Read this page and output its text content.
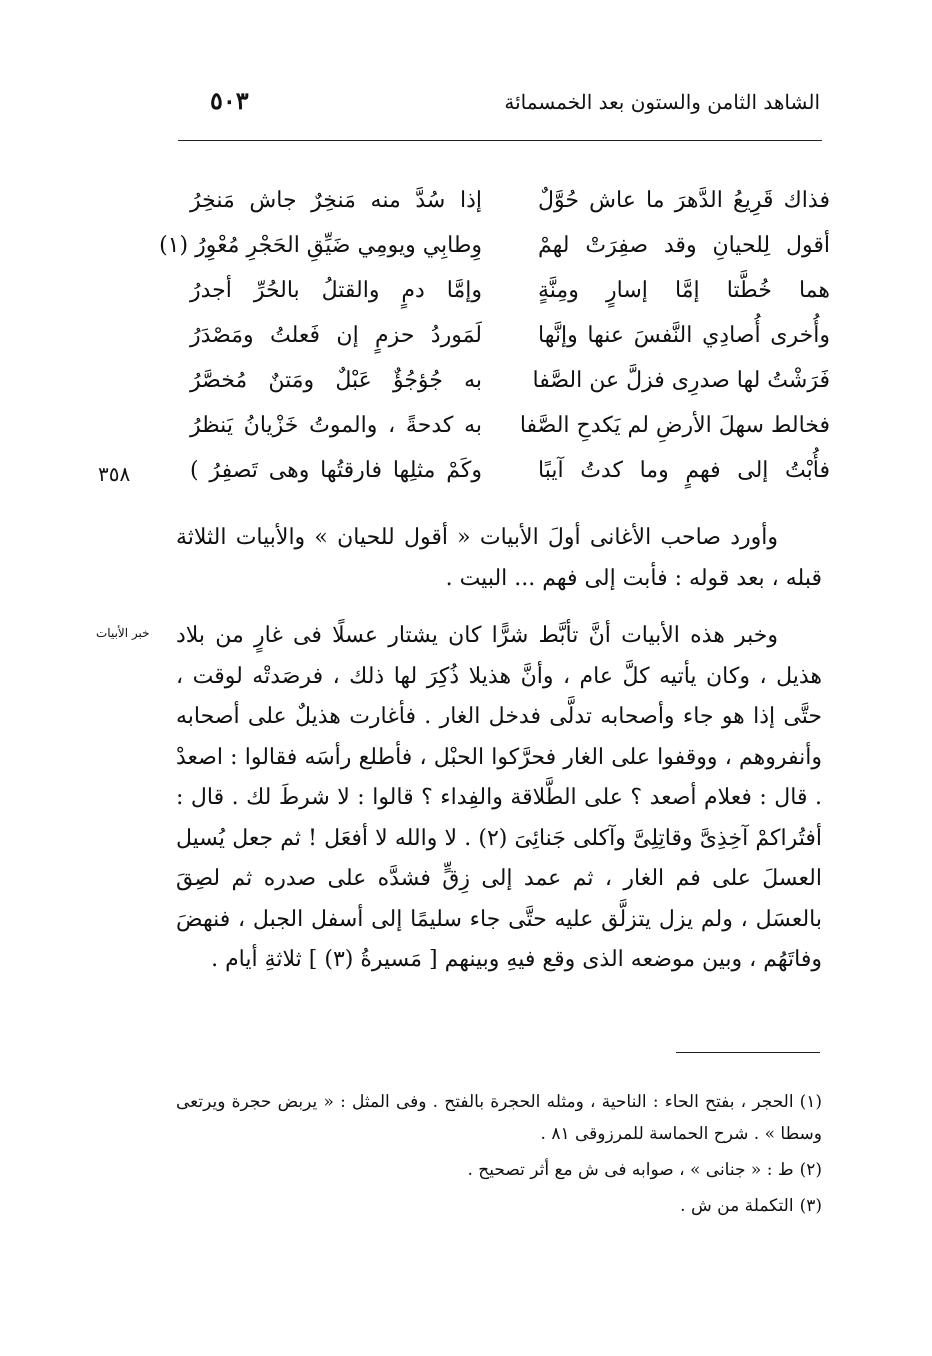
الشاهد الثامن والستون بعد الخمسمائة
٥٠٣
فذاك قَرِيعُ الدَّهرَ ما عاش حُوَّلٌ
إذا سُدَّ منه مَنخِرٌ جاش مَنخِرُ
أقول لِلحيانِ وقد صفِرَتْ لهمْ
وِطابِي ويومِي ضَيِّقِ الحَجْرِ مُعْوِرُ (١)
هما خُطَّتا إمَّا إسارٍ ومِنَّةٍ
وإمَّا دمٍ والقتلُ بالحُرِّ أجدرُ
وأُخرى أُصادِي النَّفسَ عنها وإنَّها
لَمَوردُ حزمٍ إن فَعلتُ ومَصْدَرُ
فَرَشْتُ لها صدرِى فزلَّ عن الصَّفا
به جُؤجُؤٌ عَبْلٌ ومَتنٌ مُخصَّرُ
فخالط سهلَ الأرضِ لم يَكدحِ الصَّفا
به كدحةً ، والموتُ خَزْيانُ يَنظرُ
فأُبْتُ إلى فهمٍ وما كدتُ آيبًا
وكَمْ مثلِها فارقتُها وهى تَصفِرُ )
٣٥٨

وأورد صاحب الأغانى أولَ الأبيات « أقول للحيان » والأبيات الثلاثة قبله ، بعد قوله : فأبت إلى فهم ... البيت .

خبر الأبيات وخبر هذه الأبيات أنَّ تأبَّط شرًّا كان يشتار عسلًا فى غارٍ من بلاد هذيل ، وكان يأتيه كلَّ عام ، وأنَّ هذيلا ذُكِرَ لها ذلك ، فرصَدتْه لوقت ، حتَّى إذا هو جاء وأصحابه تدلَّى فدخل الغار . فأغارت هذيلٌ على أصحابه وأنفروهم ، ووقفوا على الغار فحرَّكوا الحبْل ، فأطلع رأسَه فقالوا : اصعدْ . قال : فعلام أصعد ؟ على الطَّلاقة والفِداء ؟ قالوا : لا شرطَ لك . قال : أفتُراكمْ آخِذِىَّ وقاتِلِىَّ وآكلى جَنائِىَ (٢) . لا والله لا أفعَل ! ثم جعل يُسيل العسلَ على فم الغار ، ثم عمد إلى زِقٍّ فشدَّه على صدره ثم لصِقَ بالعسَل ، ولم يزل يتزلَّق عليه حتَّى جاء سليمًا إلى أسفل الجبل ، فنهضَ وفاتَهُم ، وبين موضعه الذى وقع فيهِ وبينهم [ مَسيرةُ (٣) ] ثلاثةِ أيام .

(١)الحجر ، بفتح الحاء : الناحية ، ومثله الحجرة بالفتح . وفى المثل : « يربض حجرة ويرتعى وسطا » . شرح الحماسة للمرزوقى ٨١ .

(٢)ط : « جنانى » ، صوابه فى ش مع أثر تصحيح .

(٣)التكملة من ش .
